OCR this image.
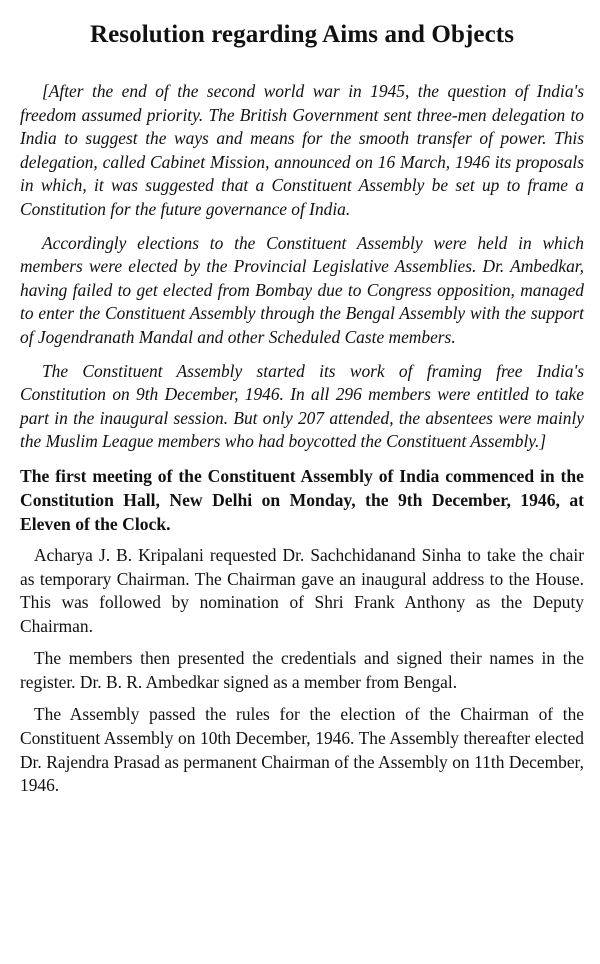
Resolution regarding Aims and Objects

[After the end of the second world war in 1945, the question of India's freedom assumed priority. The British Government sent three-men delegation to India to suggest the ways and means for the smooth transfer of power. This delegation, called Cabinet Mission, announced on 16 March, 1946 its proposals in which, it was suggested that a Constituent Assembly be set up to frame a Constitution for the future governance of India.

Accordingly elections to the Constituent Assembly were held in which members were elected by the Provincial Legislative Assemblies. Dr. Ambedkar, having failed to get elected from Bombay due to Congress opposition, managed to enter the Constituent Assembly through the Bengal Assembly with the support of Jogendranath Mandal and other Scheduled Caste members.

The Constituent Assembly started its work of framing free India's Constitution on 9th December, 1946. In all 296 members were entitled to take part in the inaugural session. But only 207 attended, the absentees were mainly the Muslim League members who had boycotted the Constituent Assembly.]

The first meeting of the Constituent Assembly of India commenced in the Constitution Hall, New Delhi on Monday, the 9th December, 1946, at Eleven of the Clock.

Acharya J. B. Kripalani requested Dr. Sachchidanand Sinha to take the chair as temporary Chairman. The Chairman gave an inaugural address to the House. This was followed by nomination of Shri Frank Anthony as the Deputy Chairman.

The members then presented the credentials and signed their names in the register. Dr. B. R. Ambedkar signed as a member from Bengal.

The Assembly passed the rules for the election of the Chairman of the Constituent Assembly on 10th December, 1946. The Assembly thereafter elected Dr. Rajendra Prasad as permanent Chairman of the Assembly on 11th December, 1946.
